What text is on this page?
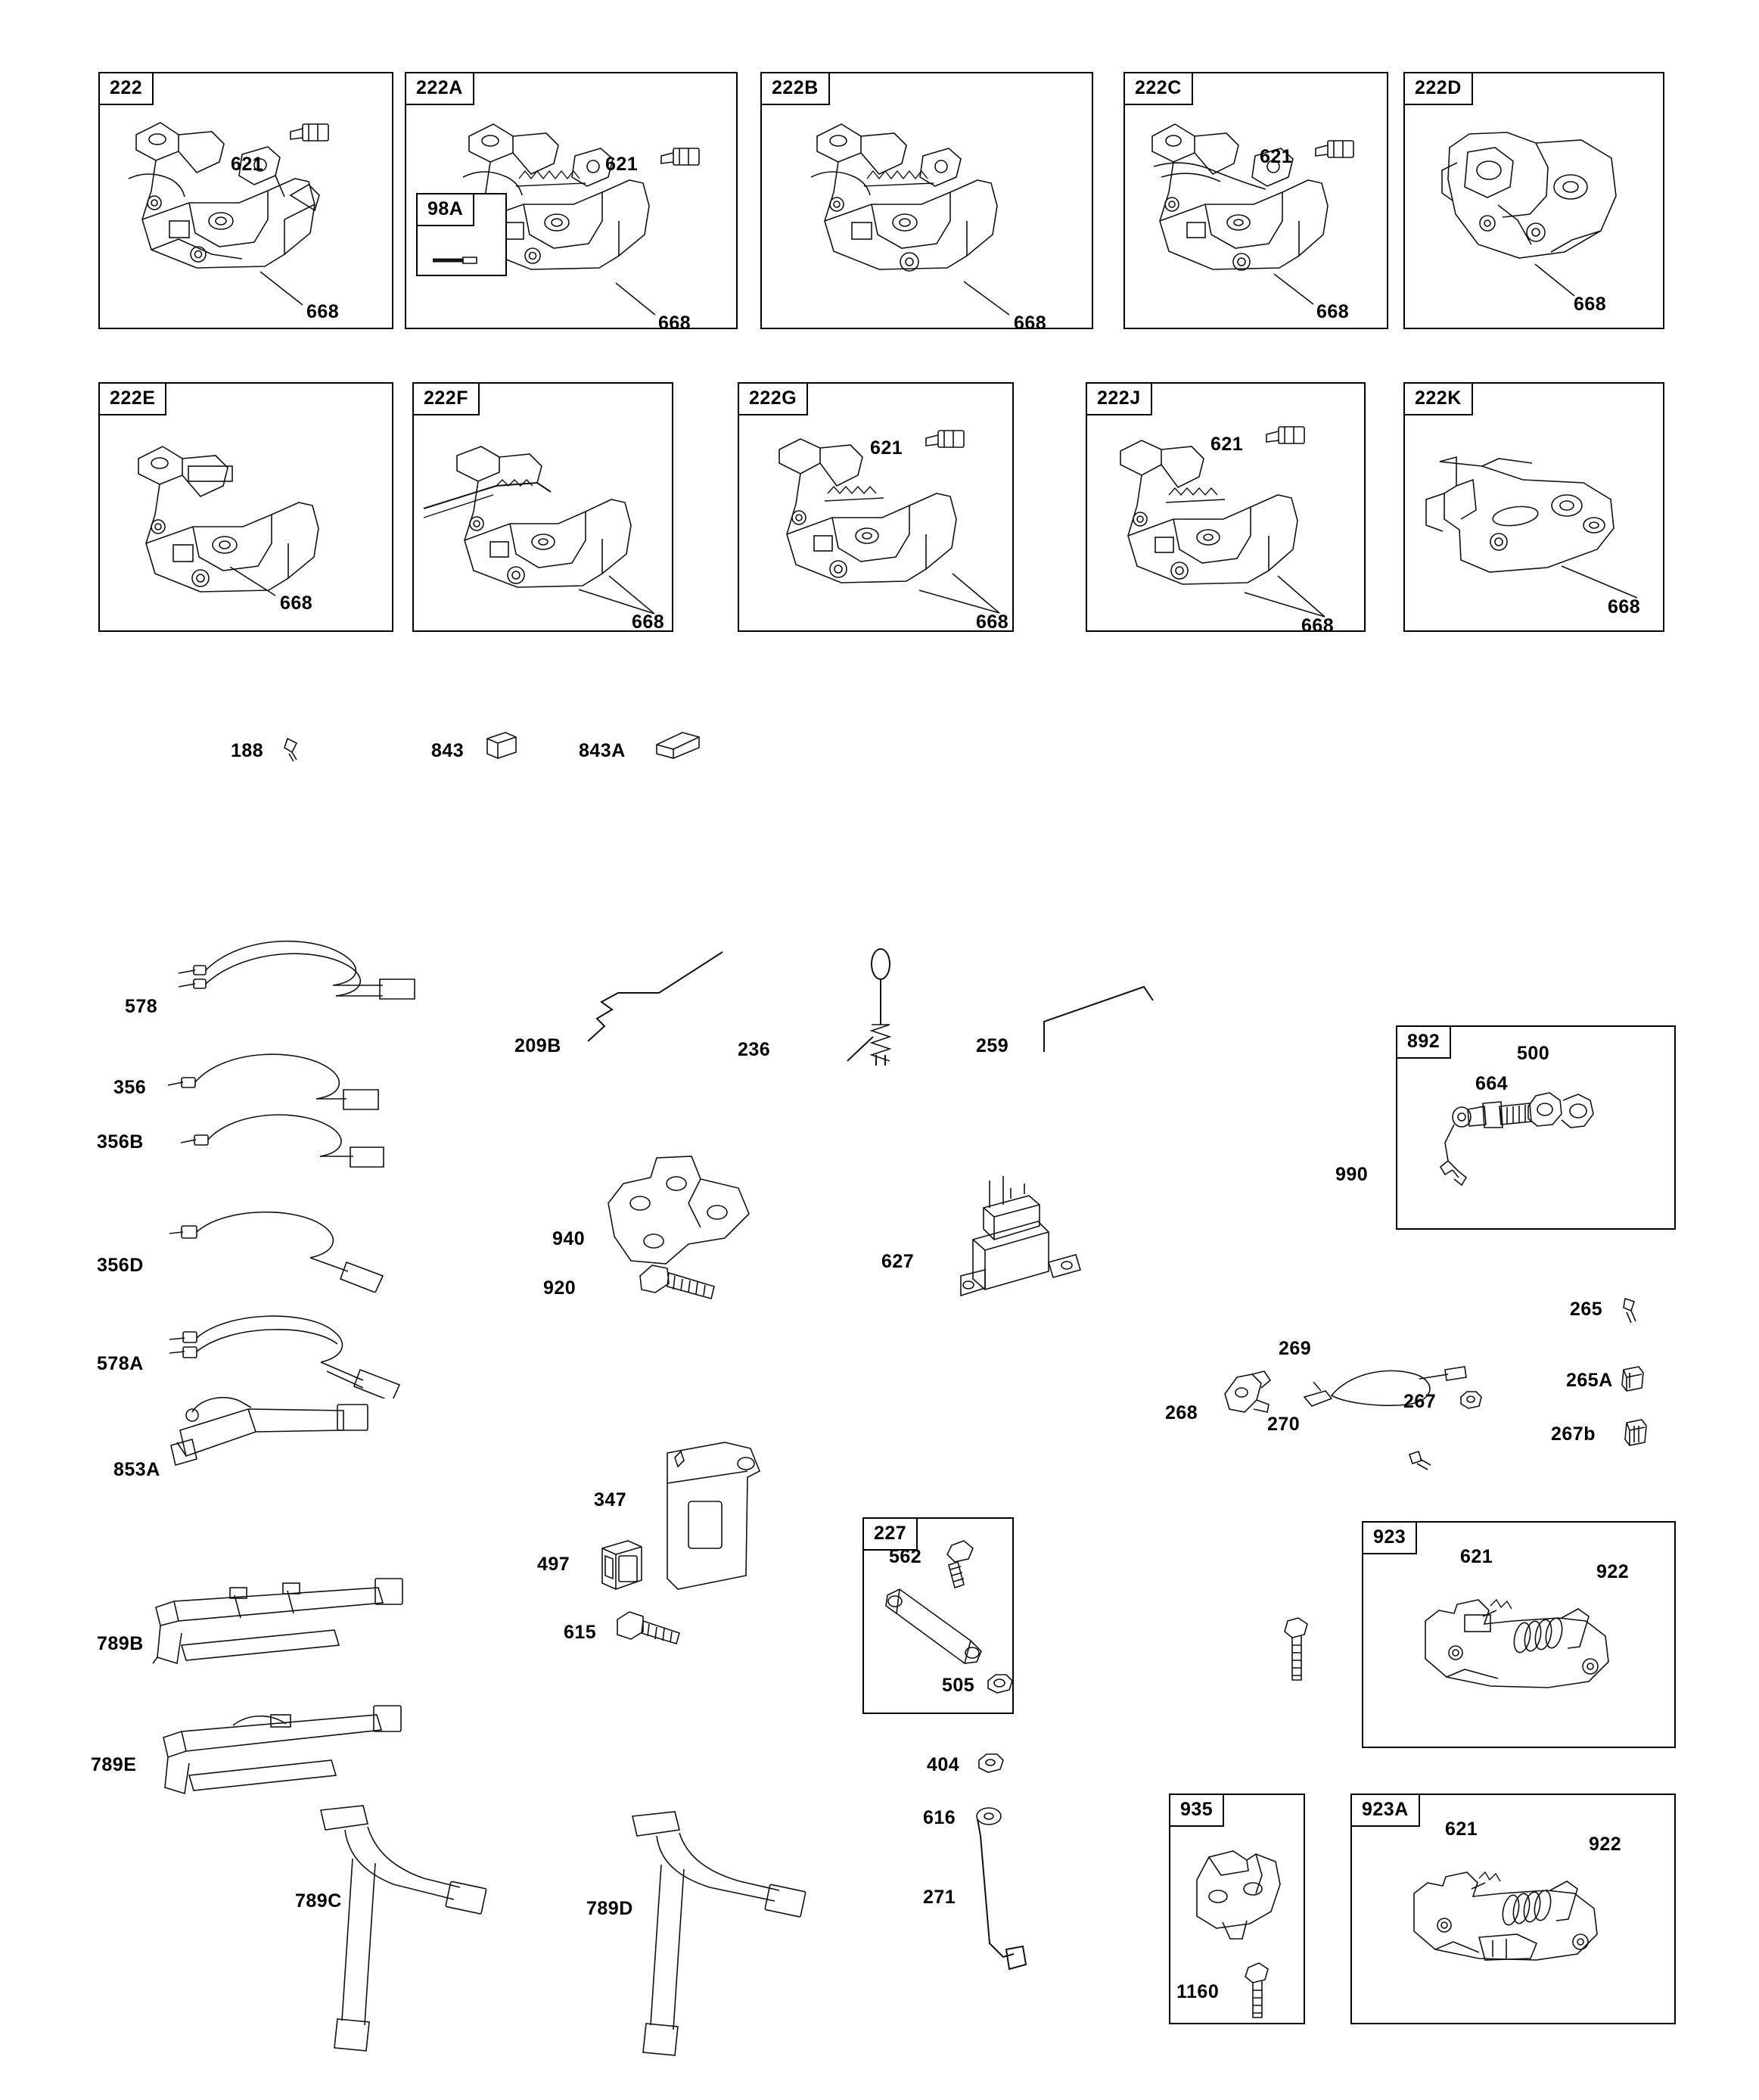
222
621
668
222A
621
98A
668
222B
668
222C
621
668
222D
668
222E
668
222F
668
222G
621
668
222J
621
668
222K
668
188	843	843A
578
356
356B
356D
578A
853A
789B
789E
789C	789D
209B	236	259
940
920
627
347
497
615
227
562
505
404
616
271
892
500
664
990
268
269
270
267
265
265A
267b
923
621
922
935
1160
923A
621
922
